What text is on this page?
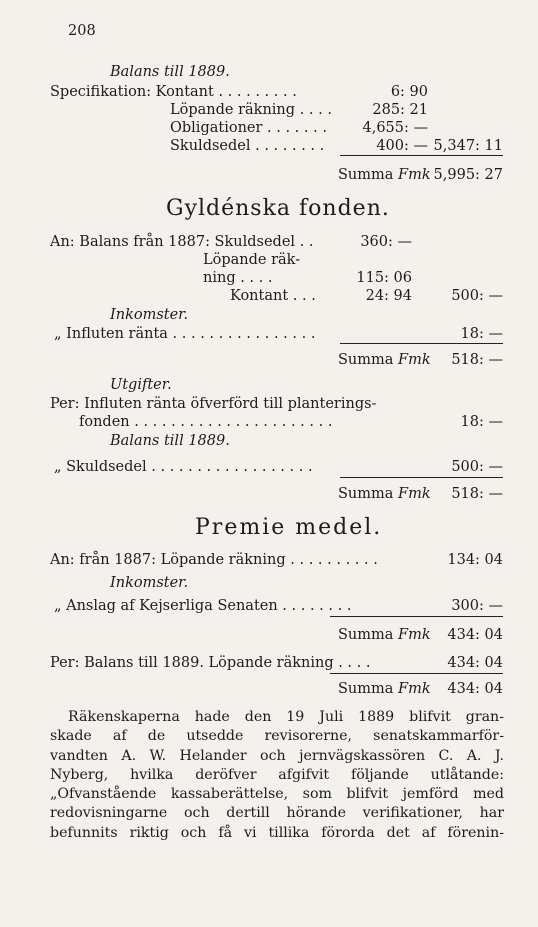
208
Balans till 1889.
Specifikation: Kontant . . . . . . . . .	6: 90
Löpande räkning . . . .	285: 21
Obligationer . . . . . . .	4,655: —
Skuldsedel . . . . . . . .	400: — 5,347: 11
Summa Fmk 5,995: 27
Gyldénska fonden.
An: Balans från 1887: Skuldsedel . .	360: —
Löpande räk-
ning . . . .	115: 06
Kontant . . .	24: 94	500: —
Inkomster.
„ Influten ränta . . . . . . . . . . . . . . . .	18: —
Summa Fmk	518: —
Utgifter.
Per: Influten ränta öfverförd till planterings-
fonden . . . . . . . . . . . . . . . . . . . . . .	18: —
Balans till 1889.
„ Skuldsedel . . . . . . . . . . . . . . . . . .	500: —
Summa Fmk	518: —
Premie medel.
An: från 1887: Löpande räkning . . . . . . . . . .	134: 04
Inkomster.
„ Anslag af Kejserliga Senaten . . . . . . . .	300: —
Summa Fmk	434: 04
Per: Balans till 1889. Löpande räkning . . . .	434: 04
Summa Fmk	434: 04
Räkenskaperna hade den 19 Juli 1889 blifvit gran-
skade af de utsedde revisorerne, senatskammarför-
vandten A. W. Helander och jernvägskassören C. A. J.
Nyberg, hvilka deröfver afgifvit följande utlåtande:
„Ofvanstående kassaberättelse, som blifvit jemförd med
redovisningarne och dertill hörande verifikationer, har
befunnits riktig och få vi tillika förorda det af förenin-
